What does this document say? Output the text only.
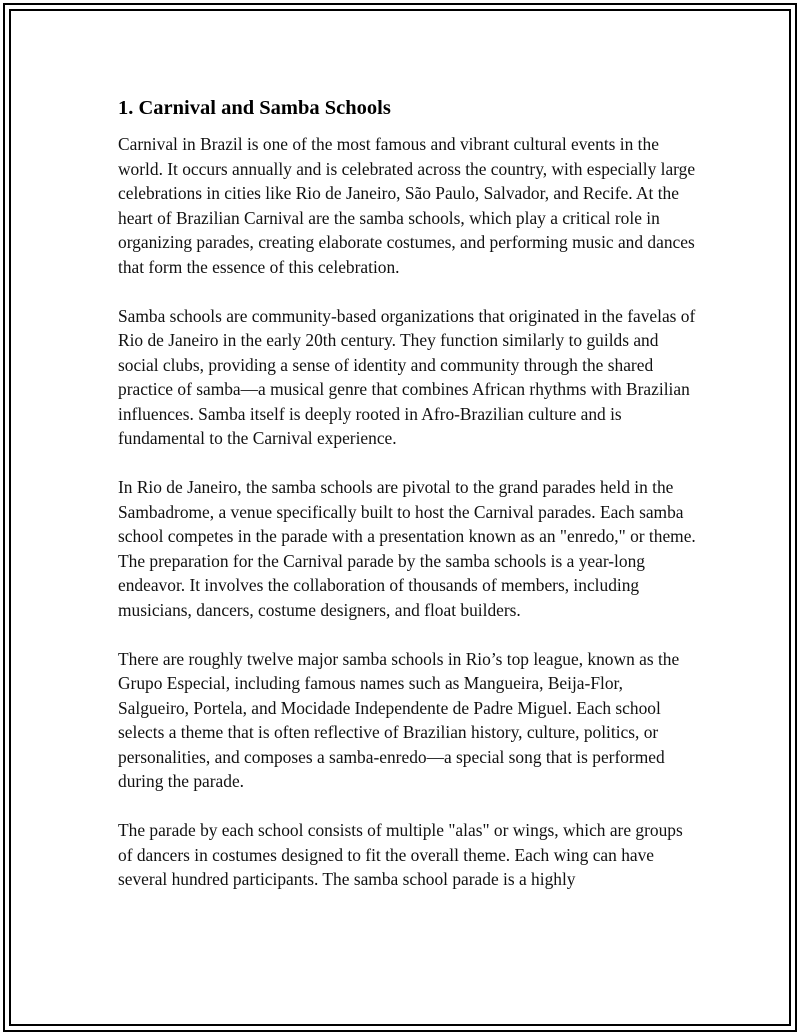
1. Carnival and Samba Schools

Carnival in Brazil is one of the most famous and vibrant cultural events in the world. It occurs annually and is celebrated across the country, with especially large celebrations in cities like Rio de Janeiro, São Paulo, Salvador, and Recife. At the heart of Brazilian Carnival are the samba schools, which play a critical role in organizing parades, creating elaborate costumes, and performing music and dances that form the essence of this celebration.

Samba schools are community-based organizations that originated in the favelas of Rio de Janeiro in the early 20th century. They function similarly to guilds and social clubs, providing a sense of identity and community through the shared practice of samba—a musical genre that combines African rhythms with Brazilian influences. Samba itself is deeply rooted in Afro-Brazilian culture and is fundamental to the Carnival experience.

In Rio de Janeiro, the samba schools are pivotal to the grand parades held in the Sambadrome, a venue specifically built to host the Carnival parades. Each samba school competes in the parade with a presentation known as an "enredo," or theme. The preparation for the Carnival parade by the samba schools is a year-long endeavor. It involves the collaboration of thousands of members, including musicians, dancers, costume designers, and float builders.

There are roughly twelve major samba schools in Rio’s top league, known as the Grupo Especial, including famous names such as Mangueira, Beija-Flor, Salgueiro, Portela, and Mocidade Independente de Padre Miguel. Each school selects a theme that is often reflective of Brazilian history, culture, politics, or personalities, and composes a samba-enredo—a special song that is performed during the parade.

The parade by each school consists of multiple "alas" or wings, which are groups of dancers in costumes designed to fit the overall theme. Each wing can have several hundred participants. The samba school parade is a highly
